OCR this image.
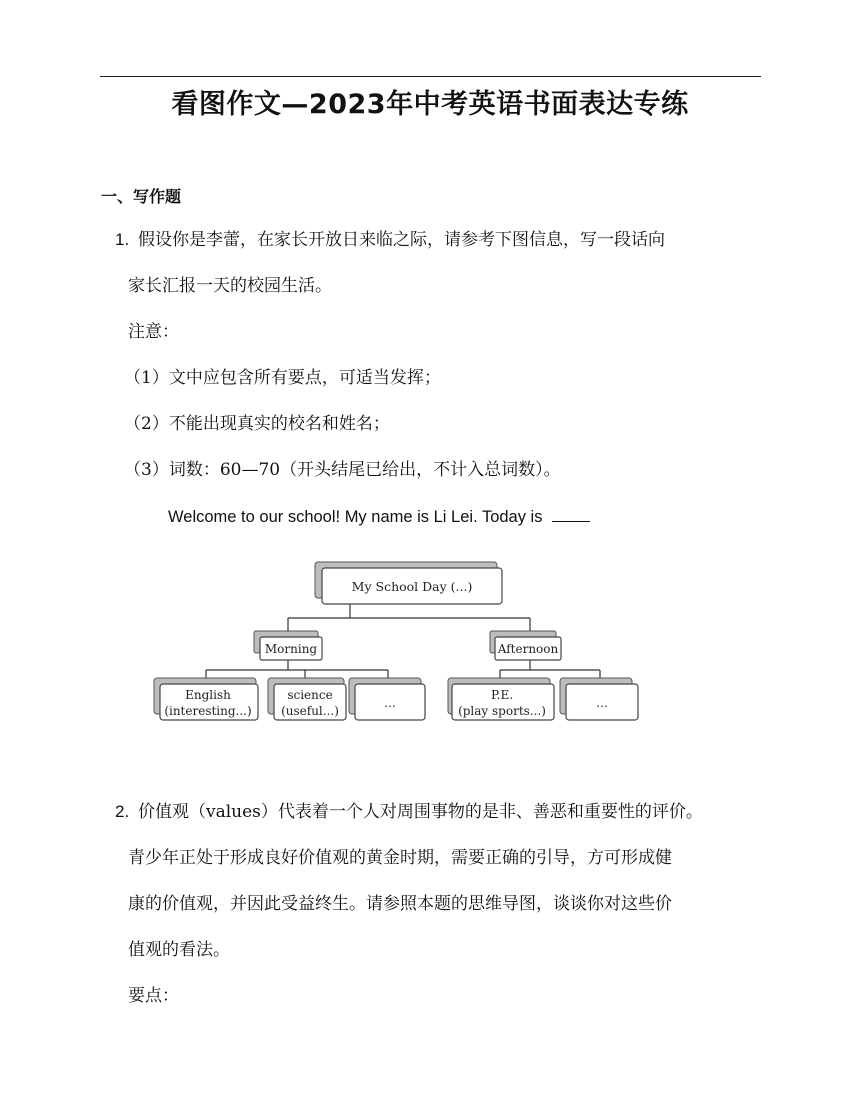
看图作文—2023年中考英语书面表达专练
一、写作题
1. 假设你是李蕾，在家长开放日来临之际，请参考下图信息，写一段话向
家长汇报一天的校园生活。
注意：
（1）文中应包含所有要点，可适当发挥；
（2）不能出现真实的校名和姓名；
（3）词数：60—70（开头结尾已给出，不计入总词数）。
Welcome to our school! My name is Li Lei. Today is
My School Day (...)
Morning	Afternoon
English
(interesting...)
science
(useful...)
...
P.E.
(play sports...)
...
2. 价值观（values）代表着一个人对周围事物的是非、善恶和重要性的评价。
青少年正处于形成良好价值观的黄金时期，需要正确的引导，方可形成健
康的价值观，并因此受益终生。请参照本题的思维导图，谈谈你对这些价
值观的看法。
要点：
